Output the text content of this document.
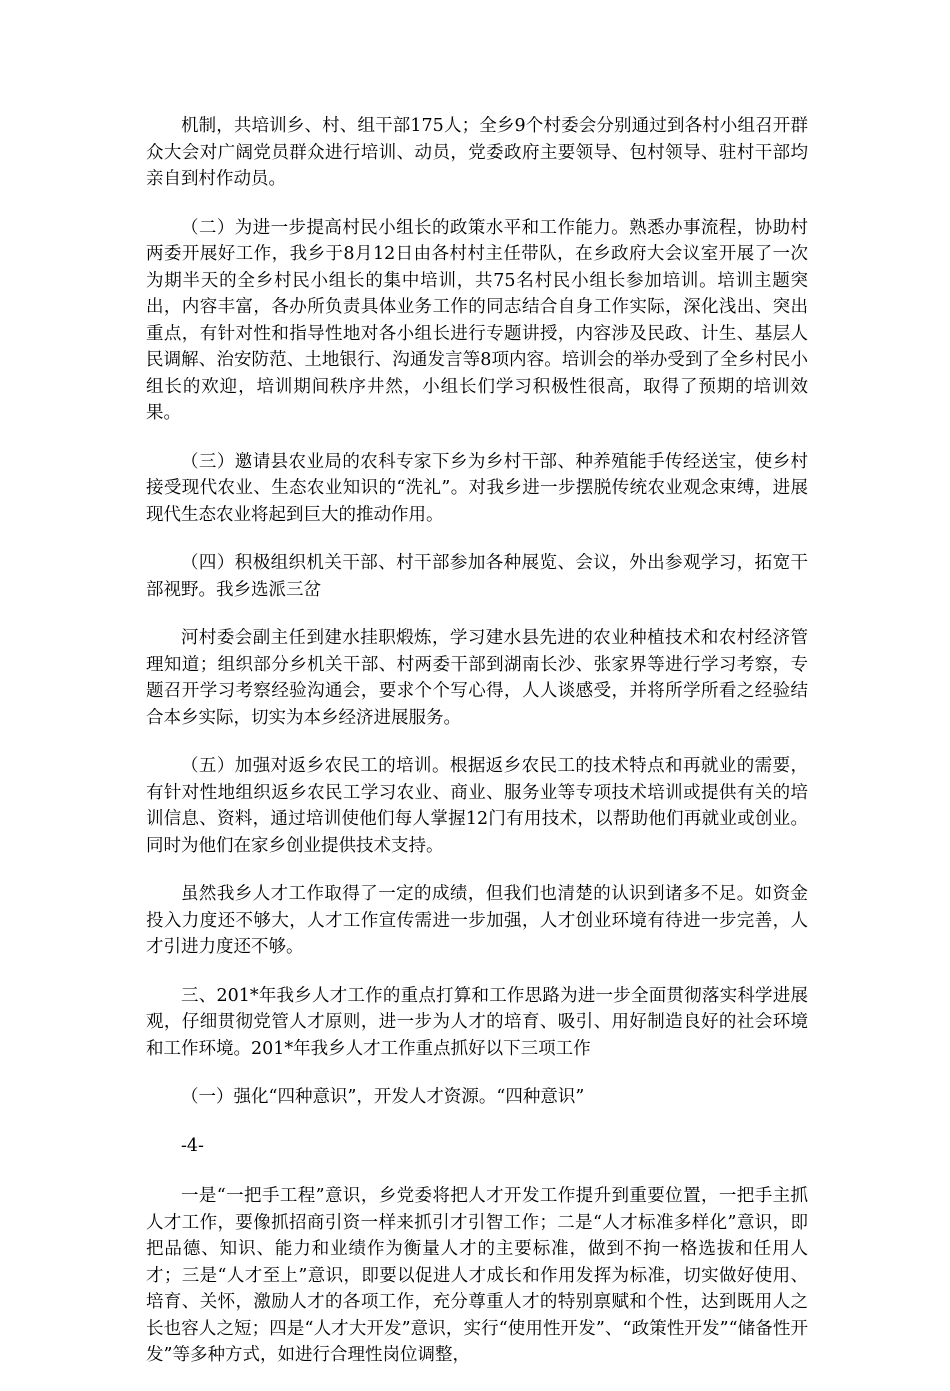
机制，共培训乡、村、组干部175人；全乡9个村委会分别通过到各村小组召开群众大会对广阔党员群众进行培训、动员，党委政府主要领导、包村领导、驻村干部均亲自到村作动员。

（二）为进一步提高村民小组长的政策水平和工作能力。熟悉办事流程，协助村两委开展好工作，我乡于8月12日由各村村主任带队，在乡政府大会议室开展了一次为期半天的全乡村民小组长的集中培训，共75名村民小组长参加培训。培训主题突出，内容丰富，各办所负责具体业务工作的同志结合自身工作实际，深化浅出、突出重点，有针对性和指导性地对各小组长进行专题讲授，内容涉及民政、计生、基层人民调解、治安防范、土地银行、沟通发言等8项内容。培训会的举办受到了全乡村民小组长的欢迎，培训期间秩序井然，小组长们学习积极性很高，取得了预期的培训效果。

（三）邀请县农业局的农科专家下乡为乡村干部、种养殖能手传经送宝，使乡村接受现代农业、生态农业知识的“洗礼”。对我乡进一步摆脱传统农业观念束缚，进展现代生态农业将起到巨大的推动作用。

（四）积极组织机关干部、村干部参加各种展览、会议，外出参观学习，拓宽干部视野。我乡选派三岔

河村委会副主任到建水挂职煅炼，学习建水县先进的农业种植技术和农村经济管理知道；组织部分乡机关干部、村两委干部到湖南长沙、张家界等进行学习考察，专题召开学习考察经验沟通会，要求个个写心得，人人谈感受，并将所学所看之经验结合本乡实际，切实为本乡经济进展服务。

（五）加强对返乡农民工的培训。根据返乡农民工的技术特点和再就业的需要，有针对性地组织返乡农民工学习农业、商业、服务业等专项技术培训或提供有关的培训信息、资料，通过培训使他们每人掌握12门有用技术，以帮助他们再就业或创业。同时为他们在家乡创业提供技术支持。

虽然我乡人才工作取得了一定的成绩，但我们也清楚的认识到诸多不足。如资金投入力度还不够大，人才工作宣传需进一步加强，人才创业环境有待进一步完善，人才引进力度还不够。

三、201*年我乡人才工作的重点打算和工作思路为进一步全面贯彻落实科学进展观，仔细贯彻党管人才原则，进一步为人才的培育、吸引、用好制造良好的社会环境和工作环境。201*年我乡人才工作重点抓好以下三项工作

（一）强化“四种意识”，开发人才资源。“四种意识”

-4-

一是“一把手工程”意识，乡党委将把人才开发工作提升到重要位置，一把手主抓人才工作，要像抓招商引资一样来抓引才引智工作；二是“人才标准多样化”意识，即把品德、知识、能力和业绩作为衡量人才的主要标准，做到不拘一格选拔和任用人才；三是“人才至上”意识，即要以促进人才成长和作用发挥为标准，切实做好使用、培育、关怀，激励人才的各项工作，充分尊重人才的特别禀赋和个性，达到既用人之长也容人之短；四是“人才大开发”意识，实行“使用性开发”、“政策性开发”“储备性开发”等多种方式，如进行合理性岗位调整，
